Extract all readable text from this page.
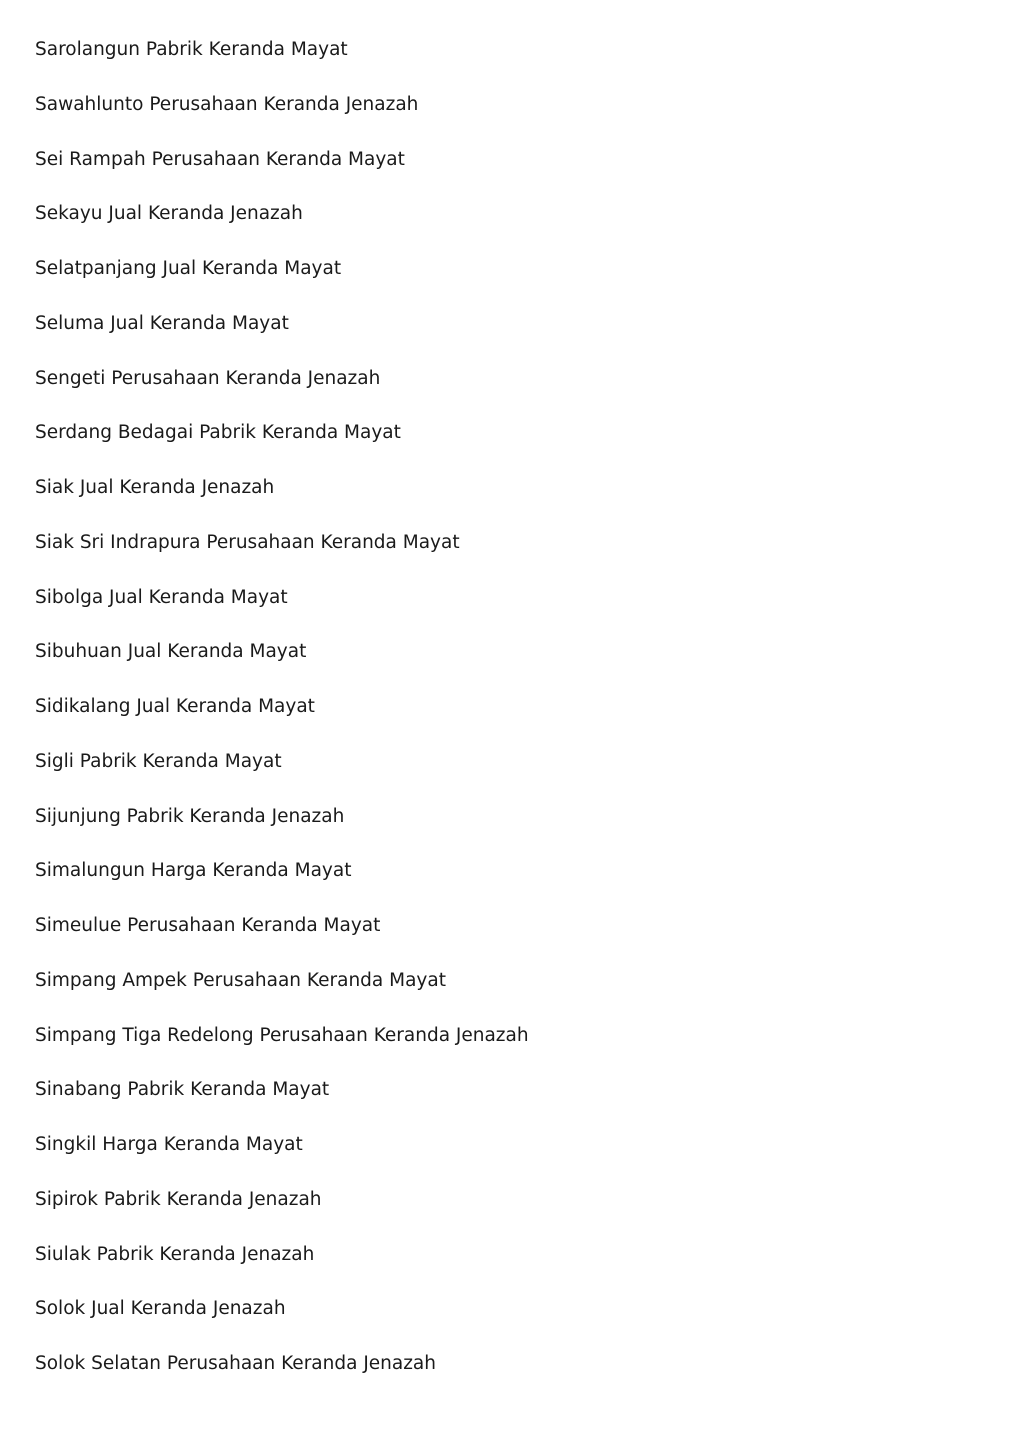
Sarolangun Pabrik Keranda Mayat
Sawahlunto Perusahaan Keranda Jenazah
Sei Rampah Perusahaan Keranda Mayat
Sekayu Jual Keranda Jenazah
Selatpanjang Jual Keranda Mayat
Seluma Jual Keranda Mayat
Sengeti Perusahaan Keranda Jenazah
Serdang Bedagai Pabrik Keranda Mayat
Siak Jual Keranda Jenazah
Siak Sri Indrapura Perusahaan Keranda Mayat
Sibolga Jual Keranda Mayat
Sibuhuan Jual Keranda Mayat
Sidikalang Jual Keranda Mayat
Sigli Pabrik Keranda Mayat
Sijunjung Pabrik Keranda Jenazah
Simalungun Harga Keranda Mayat
Simeulue Perusahaan Keranda Mayat
Simpang Ampek Perusahaan Keranda Mayat
Simpang Tiga Redelong Perusahaan Keranda Jenazah
Sinabang Pabrik Keranda Mayat
Singkil Harga Keranda Mayat
Sipirok Pabrik Keranda Jenazah
Siulak Pabrik Keranda Jenazah
Solok Jual Keranda Jenazah
Solok Selatan Perusahaan Keranda Jenazah
